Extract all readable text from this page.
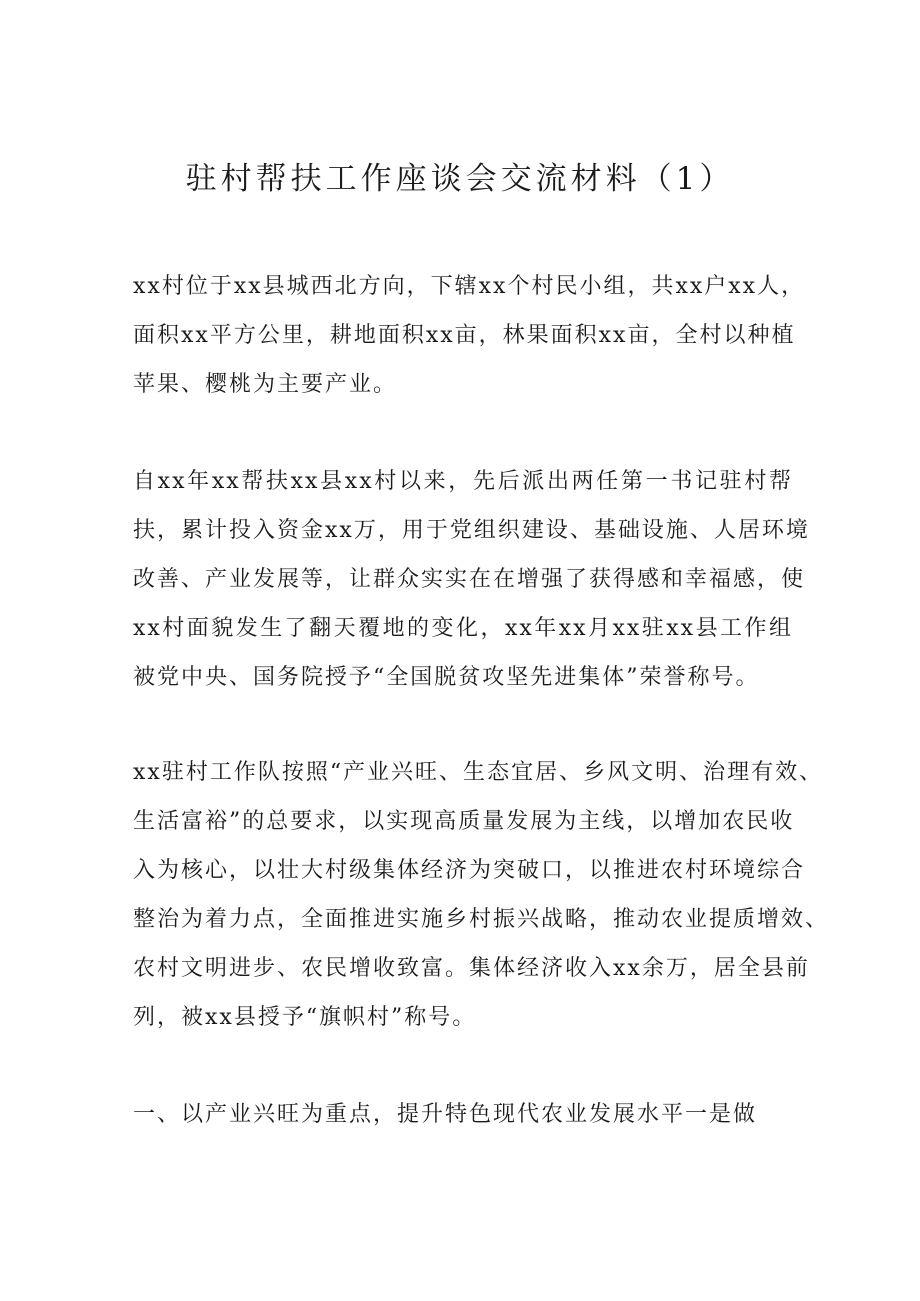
驻村帮扶工作座谈会交流材料（1）
xx村位于xx县城西北方向，下辖xx个村民小组，共xx户xx人，
面积xx平方公里，耕地面积xx亩，林果面积xx亩，全村以种植
苹果、樱桃为主要产业。
自xx年xx帮扶xx县xx村以来，先后派出两任第一书记驻村帮
扶，累计投入资金xx万，用于党组织建设、基础设施、人居环境
改善、产业发展等，让群众实实在在增强了获得感和幸福感，使
xx村面貌发生了翻天覆地的变化，xx年xx月xx驻xx县工作组
被党中央、国务院授予“全国脱贫攻坚先进集体”荣誉称号。
xx驻村工作队按照“产业兴旺、生态宜居、乡风文明、治理有效、
生活富裕”的总要求，以实现高质量发展为主线，以增加农民收
入为核心，以壮大村级集体经济为突破口，以推进农村环境综合
整治为着力点，全面推进实施乡村振兴战略，推动农业提质增效、
农村文明进步、农民增收致富。集体经济收入xx余万，居全县前
列，被xx县授予“旗帜村”称号。
一、以产业兴旺为重点，提升特色现代农业发展水平一是做
